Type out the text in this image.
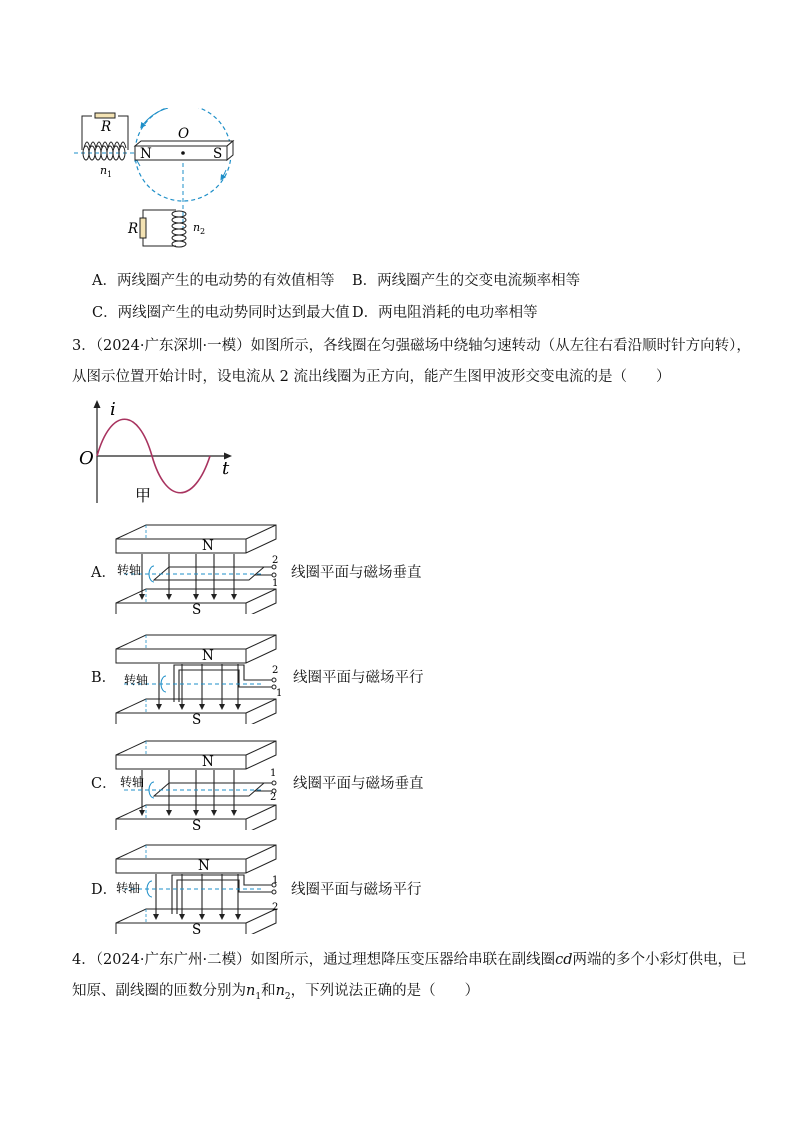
N	S
O
R
n 1
R	n 2
A．两线圈产生的电动势的有效值相等 B．两线圈产生的交变电流频率相等
C．两线圈产生的电动势同时达到最大值 D．两电阻消耗的电功率相等
3．（2024·广东深圳·一模）如图所示，各线圈在匀强磁场中绕轴匀速转动（从左往右看沿顺时针方向转），
从图示位置开始计时，设电流从 2 流出线圈为正方向，能产生图甲波形交变电流的是（　　）
i
t
O
甲
A．
N
S
转轴
2
1
线圈平面与磁场垂直
B．
N
S
转轴
2
1
线圈平面与磁场平行
C．
N
S
转轴
1
2
线圈平面与磁场垂直
D．
N
S
转轴
1
2
线圈平面与磁场平行
4．（2024·广东广州·二模）如图所示，通过理想降压变压器给串联在副线圈cd两端的多个小彩灯供电，已
知原、副线圈的匝数分别为$n_1$和$n_2$，下列说法正确的是（　　）
